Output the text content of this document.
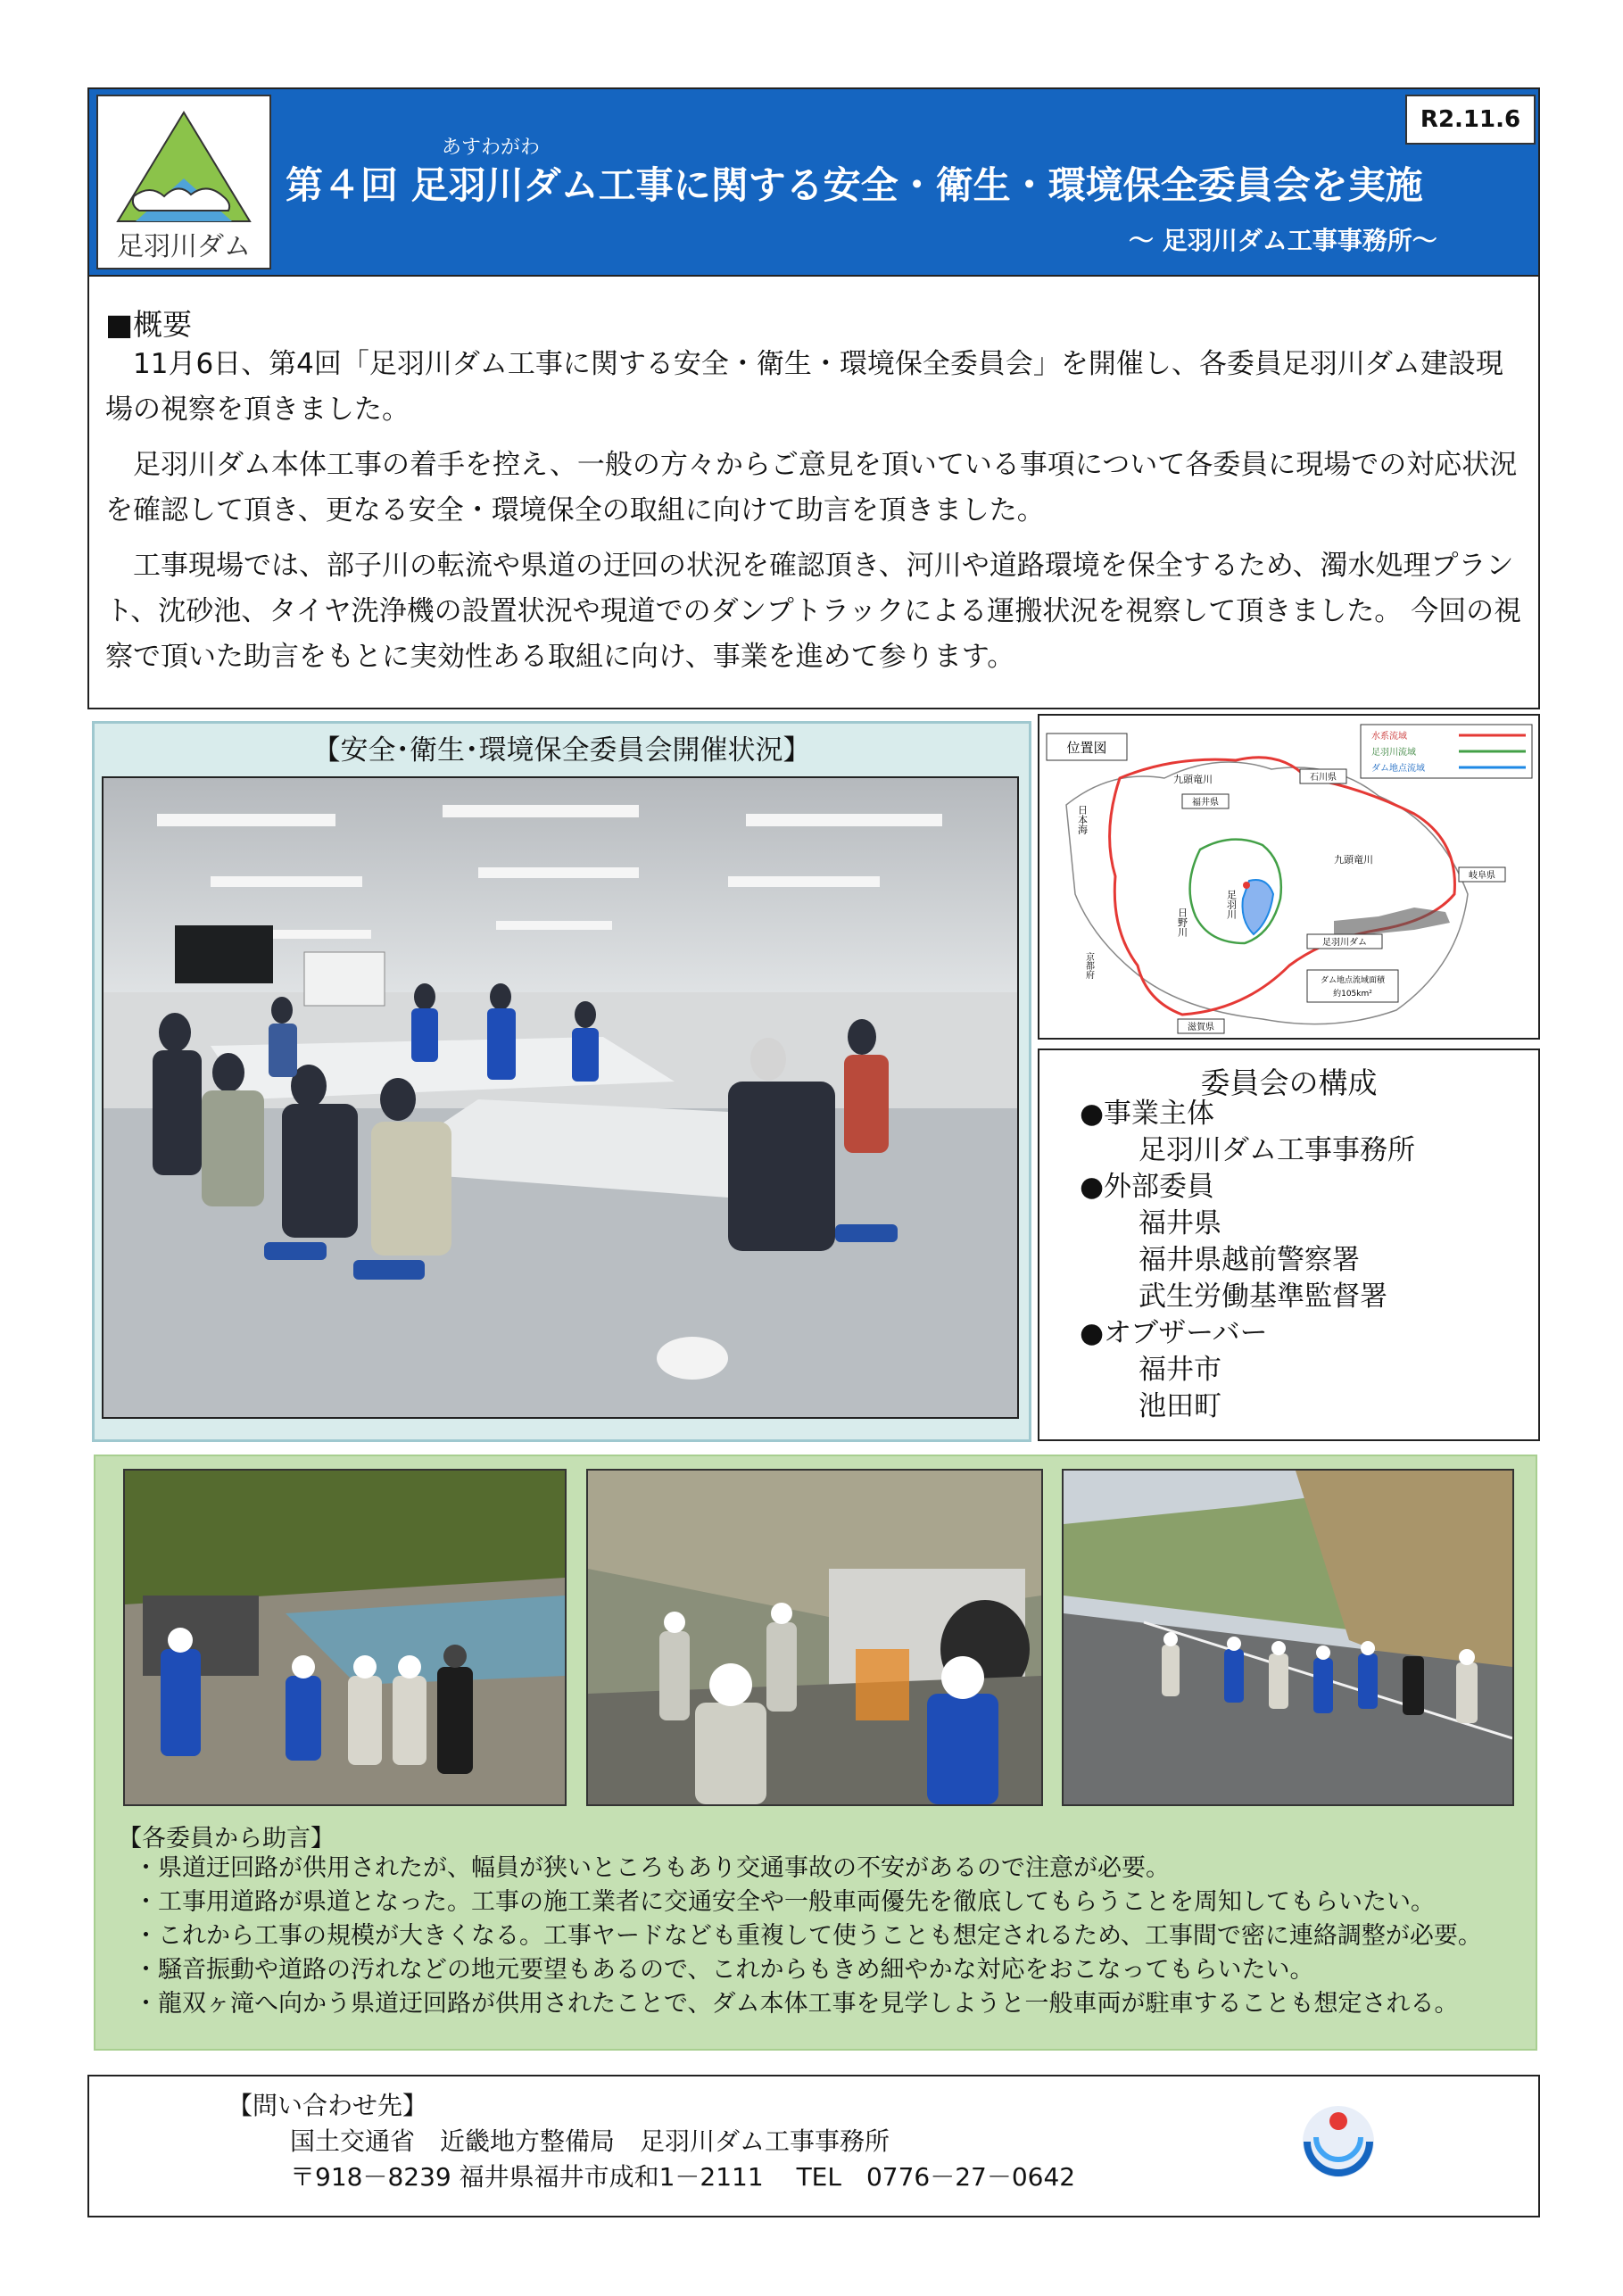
足羽川ダム
R2.11.6
あすわがわ
第４回 足羽川ダム工事に関する安全・衛生・環境保全委員会を実施
～ 足羽川ダム工事事務所～
■概要

11月6日、第4回「足羽川ダム工事に関する安全・衛生・環境保全委員会」を開催し、各委員足羽川ダム建設現場の視察を頂きました。

足羽川ダム本体工事の着手を控え、一般の方々からご意見を頂いている事項について各委員に現場での対応状況を確認して頂き、更なる安全・環境保全の取組に向けて助言を頂きました。

工事現場では、部子川の転流や県道の迂回の状況を確認頂き、河川や道路環境を保全するため、濁水処理プラント、沈砂池、タイヤ洗浄機の設置状況や現道でのダンプトラックによる運搬状況を視察して頂きました。 今回の視察で頂いた助言をもとに実効性ある取組に向け、事業を進めて参ります。

【安全･衛生･環境保全委員会開催状況】	位置図
水系流域
足羽川流域
ダム地点流域
日本海
九頭竜川
福井県
石川県
九頭竜川
岐阜県
足羽川
日野川
足羽川ダム
京都府
ダム地点流域面積
約105km²
滋賀県
委員会の構成
●事業主体
足羽川ダム工事事務所
●外部委員
福井県
福井県越前警察署
武生労働基準監督署
●オブザーバー
福井市
池田町
【各委員から助言】
・県道迂回路が供用されたが、幅員が狭いところもあり交通事故の不安があるので注意が必要。
・工事用道路が県道となった。工事の施工業者に交通安全や一般車両優先を徹底してもらうことを周知してもらいたい。
・これから工事の規模が大きくなる。工事ヤードなども重複して使うことも想定されるため、工事間で密に連絡調整が必要。
・騒音振動や道路の汚れなどの地元要望もあるので、これからもきめ細やかな対応をおこなってもらいたい。
・龍双ヶ滝へ向かう県道迂回路が供用されたことで、ダム本体工事を見学しようと一般車両が駐車することも想定される。
【問い合わせ先】
国土交通省　近畿地方整備局　足羽川ダム工事事務所
〒918－8239 福井県福井市成和1－2111　 TEL　0776－27－0642
